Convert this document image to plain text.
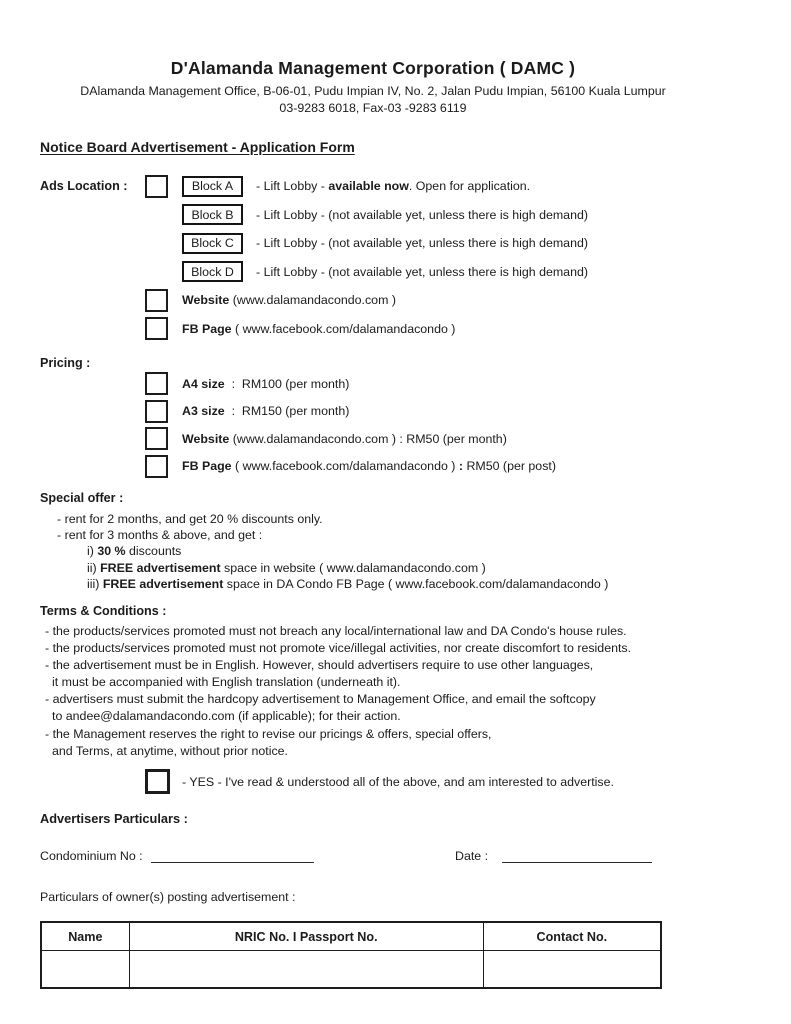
D'Alamanda Management Corporation ( DAMC )
DAlamanda Management Office, B-06-01, Pudu Impian IV, No. 2, Jalan Pudu Impian, 56100 Kuala Lumpur
03-9283 6018, Fax-03 -9283 6119
Notice Board Advertisement - Application Form
Ads Location :	Block A	- Lift Lobby - available now. Open for application.
Block B	- Lift Lobby - (not available yet, unless there is high demand)
Block C	- Lift Lobby - (not available yet, unless there is high demand)
Block D	- Lift Lobby - (not available yet, unless there is high demand)
Website (www.dalamandacondo.com )
FB Page ( www.facebook.com/dalamandacondo )
Pricing :
A4 size  :  RM100 (per month)
A3 size  :  RM150 (per month)
Website (www.dalamandacondo.com ) : RM50 (per month)
FB Page ( www.facebook.com/dalamandacondo ) : RM50 (per post)
Special offer :
- rent for 2 months, and get 20 % discounts only.
- rent for 3 months & above, and get :
i) 30 % discounts
ii) FREE advertisement space in website ( www.dalamandacondo.com )
iii) FREE advertisement space in DA Condo FB Page ( www.facebook.com/dalamandacondo )
Terms & Conditions :
- the products/services promoted must not breach any local/international law and DA Condo's house rules.
- the products/services promoted must not promote vice/illegal activities, nor create discomfort to residents.
- the advertisement must be in English. However, should advertisers require to use other languages,
it must be accompanied with English translation (underneath it).
- advertisers must submit the hardcopy advertisement to Management Office, and email the softcopy
to andee@dalamandacondo.com (if applicable); for their action.
- the Management reserves the right to revise our pricings & offers, special offers,
and Terms, at anytime, without prior notice.
- YES - I've read & understood all of the above, and am interested to advertise.
Advertisers Particulars :
Condominium No :	Date :
Particulars of owner(s) posting advertisement :
Name	NRIC No. I Passport No.	Contact No.
